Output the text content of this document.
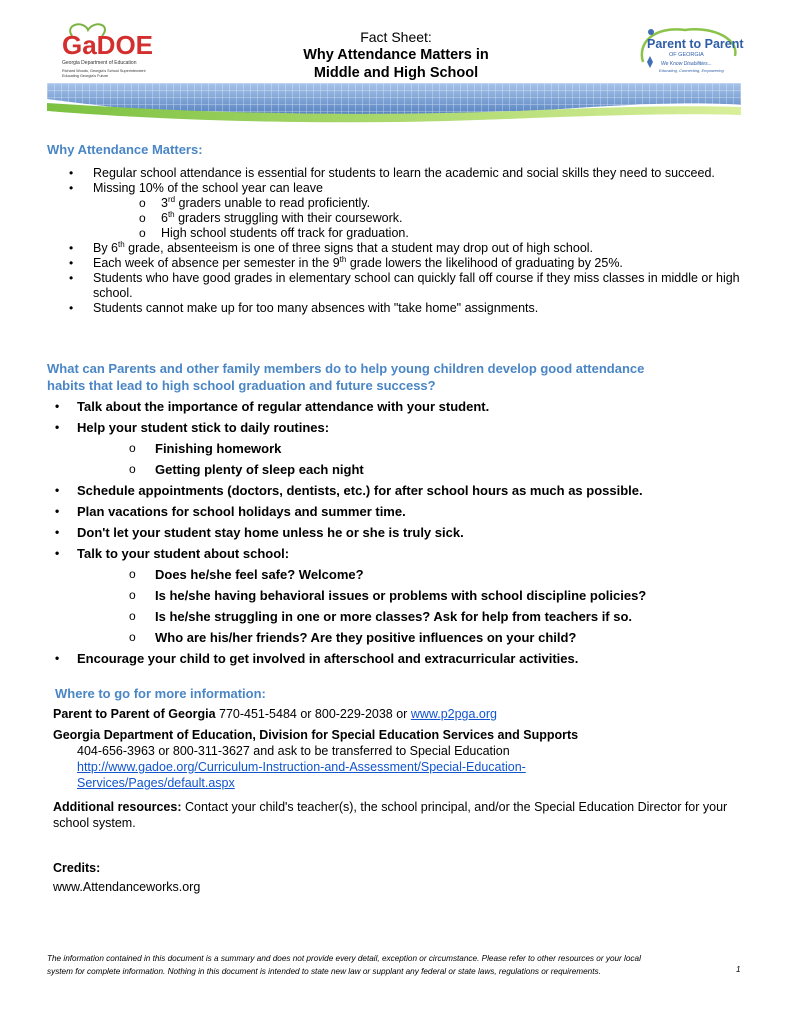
GaDOE
Georgia Department of Education
Richard Woods, Georgia's School Superintendent
Educating Georgia's Future
Fact Sheet:
Why Attendance Matters in
Middle and High School
Parent to Parent
OF GEORGIA
We Know Disabilities...
Educating, Connecting, Empowering
Why Attendance Matters:
• Regular school attendance is essential for students to learn the academic and social skills they need to succeed.
• Missing 10% of the school year can leave
o 3rd graders unable to read proficiently.
o 6th graders struggling with their coursework.
o High school students off track for graduation.
• By 6th grade, absenteeism is one of three signs that a student may drop out of high school.
• Each week of absence per semester in the 9th grade lowers the likelihood of graduating by 25%.
• Students who have good grades in elementary school can quickly fall off course if they miss classes in middle or high school.
• Students cannot make up for too many absences with "take home" assignments.
What can Parents and other family members do to help young children develop good attendance
habits that lead to high school graduation and future success?
• Talk about the importance of regular attendance with your student.
• Help your student stick to daily routines:
o Finishing homework
o Getting plenty of sleep each night
• Schedule appointments (doctors, dentists, etc.) for after school hours as much as possible.
• Plan vacations for school holidays and summer time.
• Don't let your student stay home unless he or she is truly sick.
• Talk to your student about school:
o Does he/she feel safe? Welcome?
o Is he/she having behavioral issues or problems with school discipline policies?
o Is he/she struggling in one or more classes? Ask for help from teachers if so.
o Who are his/her friends? Are they positive influences on your child?
• Encourage your child to get involved in afterschool and extracurricular activities.
Where to go for more information:
Parent to Parent of Georgia 770-451-5484 or 800-229-2038 or www.p2pga.org
Georgia Department of Education, Division for Special Education Services and Supports
404-656-3963 or 800-311-3627 and ask to be transferred to Special Education
http://www.gadoe.org/Curriculum-Instruction-and-Assessment/Special-Education-
Services/Pages/default.aspx
Additional resources: Contact your child's teacher(s), the school principal, and/or the Special Education Director for your school system.
Credits:
www.Attendanceworks.org
The information contained in this document is a summary and does not provide every detail, exception or circumstance. Please refer to other resources or your local
system for complete information. Nothing in this document is intended to state new law or supplant any federal or state laws, regulations or requirements.	1
